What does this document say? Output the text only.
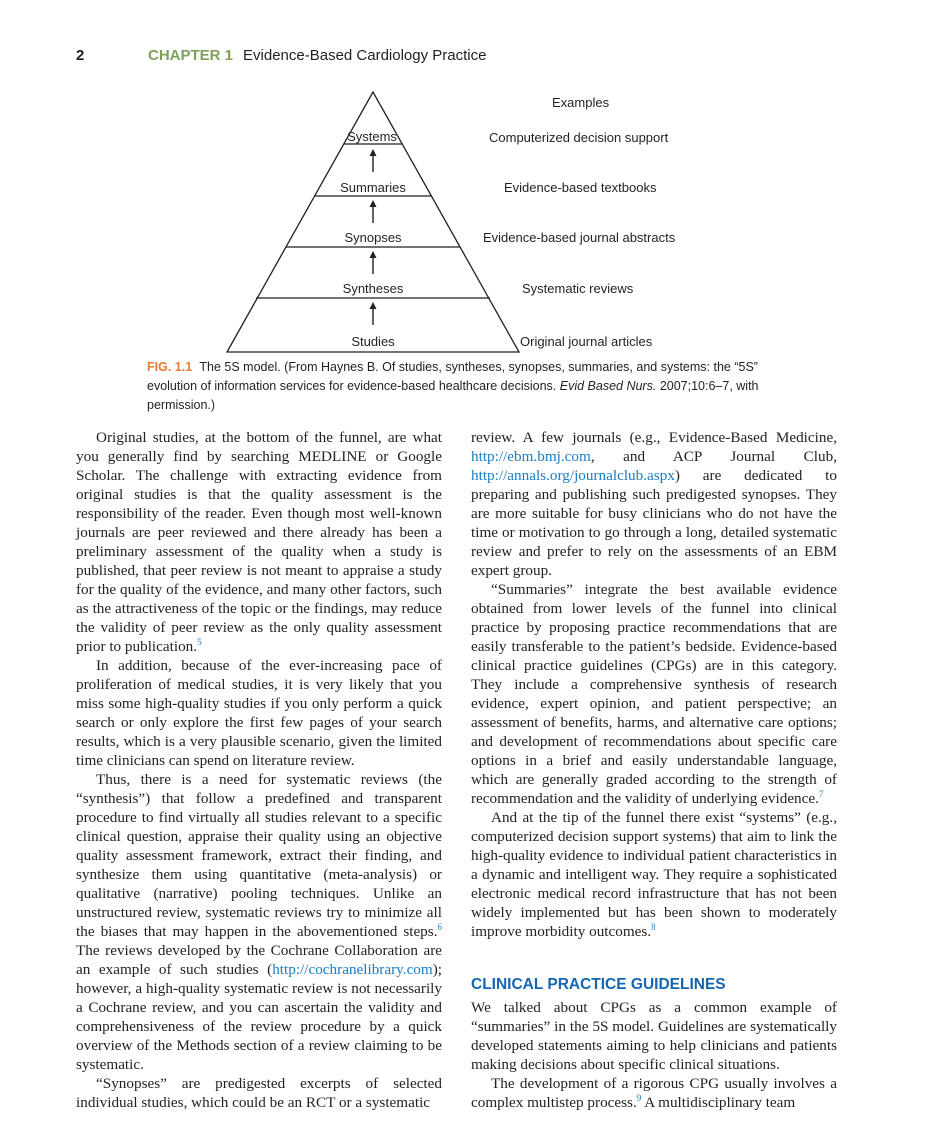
2	CHAPTER 1 Evidence-Based Cardiology Practice
Examples
Systems
Summaries
Synopses
Syntheses
Studies
Computerized decision support
Evidence-based textbooks
Evidence-based journal abstracts
Systematic reviews
Original journal articles
FIG. 1.1 The 5S model. (From Haynes B. Of studies, syntheses, synopses, summaries, and systems: the “5S” evolution of information services for evidence-based healthcare decisions. Evid Based Nurs. 2007;10:6–7, with permission.)

Original studies, at the bottom of the funnel, are what you generally find by searching MEDLINE or Google Scholar. The challenge with extracting evidence from original studies is that the quality assessment is the responsibility of the reader. Even though most well-known journals are peer reviewed and there already has been a preliminary assessment of the quality when a study is published, that peer review is not meant to appraise a study for the quality of the evidence, and many other factors, such as the attractiveness of the topic or the findings, may reduce the validity of peer review as the only quality assessment prior to publication.$^5$

In addition, because of the ever-increasing pace of proliferation of medical studies, it is very likely that you miss some high-quality studies if you only perform a quick search or only explore the first few pages of your search results, which is a very plausible scenario, given the limited time clinicians can spend on literature review.

Thus, there is a need for systematic reviews (the “synthesis”) that follow a predefined and transparent procedure to find virtually all studies relevant to a specific clinical question, appraise their quality using an objective quality assessment framework, extract their finding, and synthesize them using quantitative (meta-analysis) or qualitative (narrative) pooling techniques. Unlike an unstructured review, systematic reviews try to minimize all the biases that may happen in the abovementioned steps.$^6$ The reviews developed by the Cochrane Collaboration are an example of such studies (http://cochranelibrary.com); however, a high-quality systematic review is not necessarily a Cochrane review, and you can ascertain the validity and comprehensiveness of the review procedure by a quick overview of the Methods section of a review claiming to be systematic.

“Synopses” are predigested excerpts of selected individual studies, which could be an RCT or a systematic

review. A few journals (e.g., Evidence-Based Medicine, http://ebm.bmj.com, and ACP Journal Club, http://annals.org/journalclub.aspx) are dedicated to preparing and publishing such predigested synopses. They are more suitable for busy clinicians who do not have the time or motivation to go through a long, detailed systematic review and prefer to rely on the assessments of an EBM expert group.

“Summaries” integrate the best available evidence obtained from lower levels of the funnel into clinical practice by proposing practice recommendations that are easily transferable to the patient’s bedside. Evidence-based clinical practice guidelines (CPGs) are in this category. They include a comprehensive synthesis of research evidence, expert opinion, and patient perspective; an assessment of benefits, harms, and alternative care options; and development of recommendations about specific care options in a brief and easily understandable language, which are generally graded according to the strength of recommendation and the validity of underlying evidence.$^7$

And at the tip of the funnel there exist “systems” (e.g., computerized decision support systems) that aim to link the high-quality evidence to individual patient characteristics in a dynamic and intelligent way. They require a sophisticated electronic medical record infrastructure that has not been widely implemented but has been shown to moderately improve morbidity outcomes.$^8$

CLINICAL PRACTICE GUIDELINES

We talked about CPGs as a common example of “summaries” in the 5S model. Guidelines are systematically developed statements aiming to help clinicians and patients making decisions about specific clinical situations.

The development of a rigorous CPG usually involves a complex multistep process.$^9$ A multidisciplinary team
